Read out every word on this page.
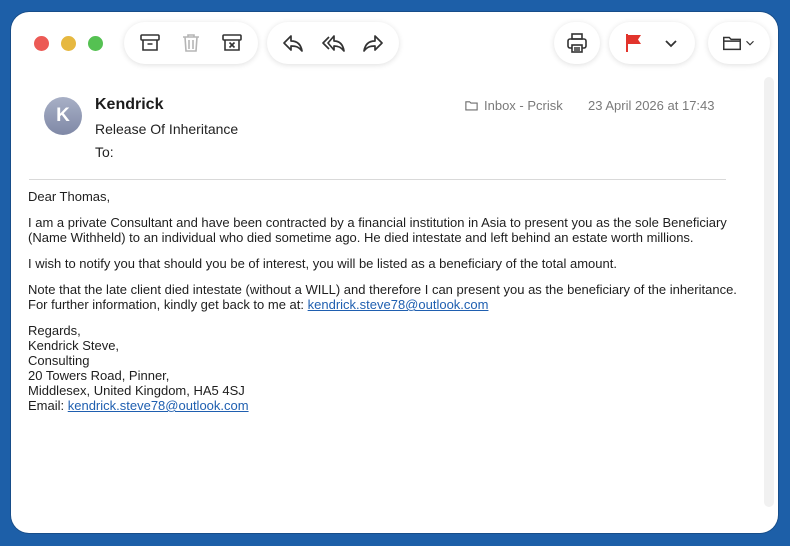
K
Kendrick
Release Of Inheritance
To:
Inbox - Pcrisk 23 April 2026 at 17:43

Dear Thomas,

I am a private Consultant and have been contracted by a financial institution in Asia to present you as the sole Beneficiary (Name Withheld) to an individual who died sometime ago. He died intestate and left behind an estate worth millions.

I wish to notify you that should you be of interest, you will be listed as a beneficiary of the total amount.

Note that the late client died intestate (without a WILL) and therefore I can present you as the beneficiary of the inheritance. For further information, kindly get back to me at: kendrick.steve78@outlook.com

Regards,
Kendrick Steve,
Consulting
20 Towers Road, Pinner,
Middlesex, United Kingdom, HA5 4SJ
Email: kendrick.steve78@outlook.com
